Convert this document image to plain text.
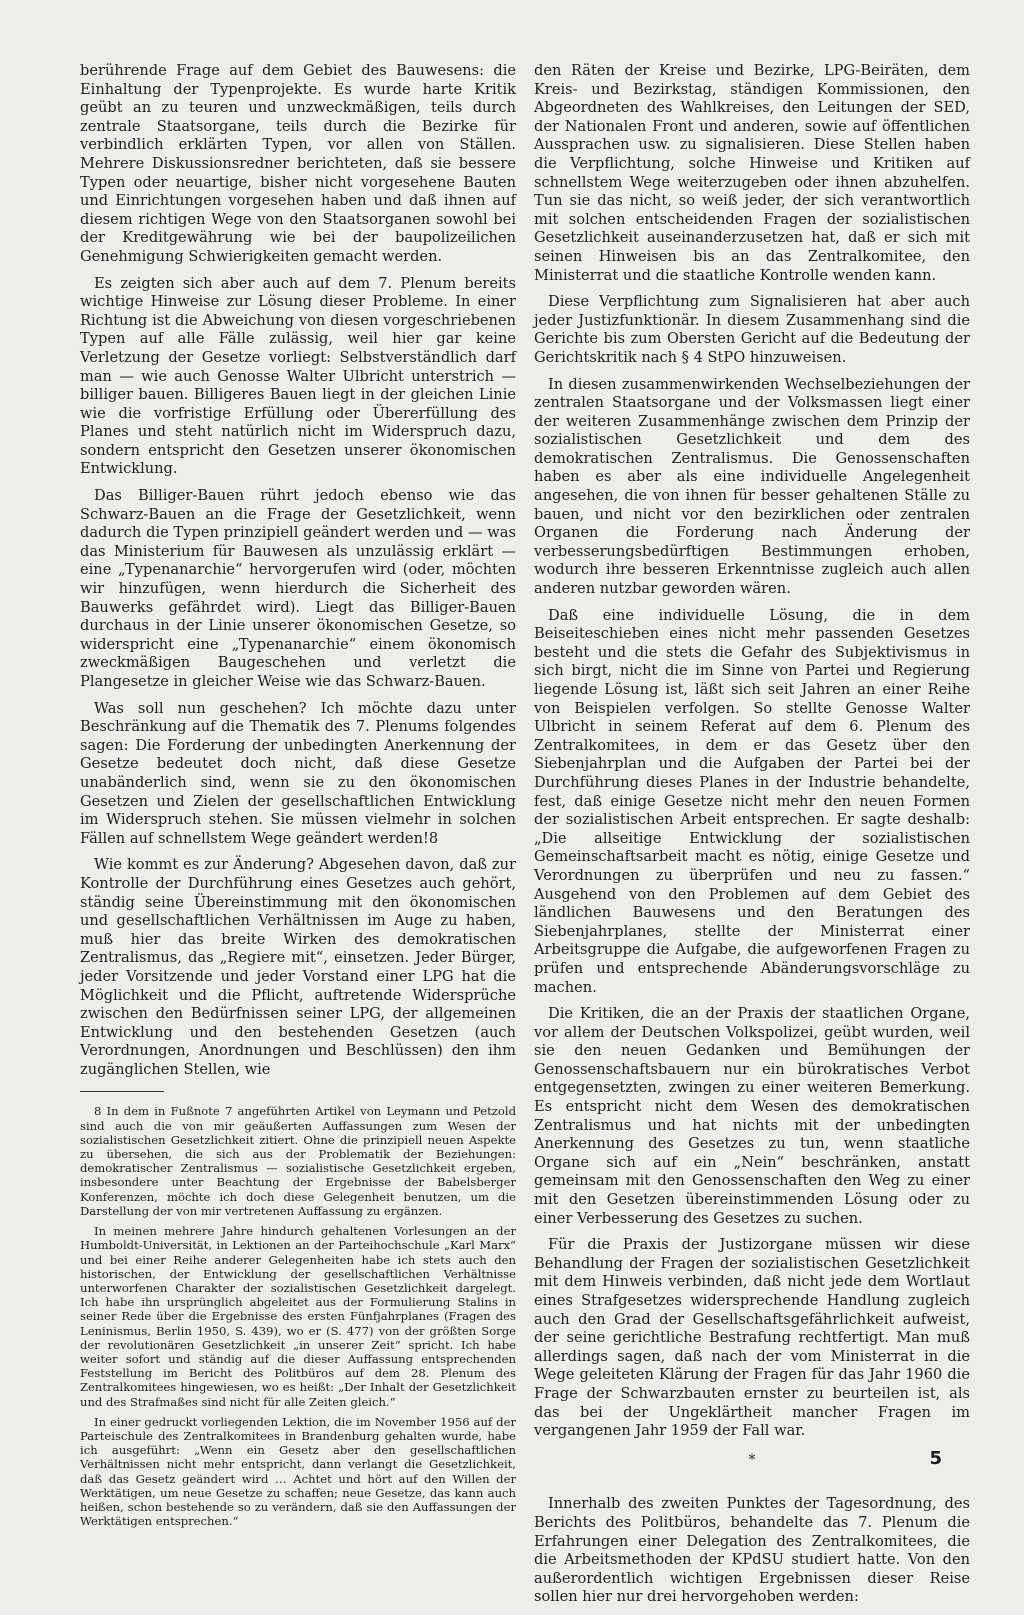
berührende Frage auf dem Gebiet des Bauwesens: die Einhaltung der Typenprojekte. Es wurde harte Kritik geübt an zu teuren und unzweckmäßigen, teils durch zentrale Staatsorgane, teils durch die Bezirke für verbindlich erklärten Typen, vor allen von Ställen. Mehrere Diskussionsredner berichteten, daß sie bessere Typen oder neuartige, bisher nicht vorgesehene Bauten und Einrichtungen vorgesehen haben und daß ihnen auf diesem richtigen Wege von den Staatsorganen sowohl bei der Kreditgewährung wie bei der baupolizeilichen Genehmigung Schwierigkeiten gemacht werden.

Es zeigten sich aber auch auf dem 7. Plenum bereits wichtige Hinweise zur Lösung dieser Probleme. In einer Richtung ist die Abweichung von diesen vorgeschriebenen Typen auf alle Fälle zulässig, weil hier gar keine Verletzung der Gesetze vorliegt: Selbstverständlich darf man — wie auch Genosse Walter Ulbricht unterstrich — billiger bauen. Billigeres Bauen liegt in der gleichen Linie wie die vorfristige Erfüllung oder Übererfüllung des Planes und steht natürlich nicht im Widerspruch dazu, sondern entspricht den Gesetzen unserer ökonomischen Entwicklung.

Das Billiger-Bauen rührt jedoch ebenso wie das Schwarz-Bauen an die Frage der Gesetzlichkeit, wenn dadurch die Typen prinzipiell geändert werden und — was das Ministerium für Bauwesen als unzulässig erklärt — eine „Typenanarchie“ hervorgerufen wird (oder, möchten wir hinzufügen, wenn hierdurch die Sicherheit des Bauwerks gefährdet wird). Liegt das Billiger-Bauen durchaus in der Linie unserer ökonomischen Gesetze, so widerspricht eine „Typenanarchie“ einem ökonomisch zweckmäßigen Baugeschehen und verletzt die Plangesetze in gleicher Weise wie das Schwarz-Bauen.

Was soll nun geschehen? Ich möchte dazu unter Beschränkung auf die Thematik des 7. Plenums folgendes sagen: Die Forderung der unbedingten Anerkennung der Gesetze bedeutet doch nicht, daß diese Gesetze unabänderlich sind, wenn sie zu den ökonomischen Gesetzen und Zielen der gesellschaftlichen Entwicklung im Widerspruch stehen. Sie müssen vielmehr in solchen Fällen auf schnellstem Wege geändert werden!8

Wie kommt es zur Änderung? Abgesehen davon, daß zur Kontrolle der Durchführung eines Gesetzes auch gehört, ständig seine Übereinstimmung mit den ökonomischen und gesellschaftlichen Verhältnissen im Auge zu haben, muß hier das breite Wirken des demokratischen Zentralismus, das „Regiere mit“, einsetzen. Jeder Bürger, jeder Vorsitzende und jeder Vorstand einer LPG hat die Möglichkeit und die Pflicht, auftretende Widersprüche zwischen den Bedürfnissen seiner LPG, der allgemeinen Entwicklung und den bestehenden Gesetzen (auch Verordnungen, Anordnungen und Beschlüssen) den ihm zugänglichen Stellen, wie

8 In dem in Fußnote 7 angeführten Artikel von Leymann und Petzold sind auch die von mir geäußerten Auffassungen zum Wesen der sozialistischen Gesetzlichkeit zitiert. Ohne die prinzipiell neuen Aspekte zu übersehen, die sich aus der Problematik der Beziehungen: demokratischer Zentralismus — sozialistische Gesetzlichkeit ergeben, insbesondere unter Beachtung der Ergebnisse der Babelsberger Konferenzen, möchte ich doch diese Gelegenheit benutzen, um die Darstellung der von mir vertretenen Auffassung zu ergänzen.

In meinen mehrere Jahre hindurch gehaltenen Vorlesungen an der Humboldt-Universität, in Lektionen an der Parteihochschule „Karl Marx“ und bei einer Reihe anderer Gelegenheiten habe ich stets auch den historischen, der Entwicklung der gesellschaftlichen Verhältnisse unterworfenen Charakter der sozialistischen Gesetzlichkeit dargelegt. Ich habe ihn ursprünglich abgeleitet aus der Formulierung Stalins in seiner Rede über die Ergebnisse des ersten Fünfjahrplanes (Fragen des Leninismus, Berlin 1950, S. 439), wo er (S. 477) von der größten Sorge der revolutionären Gesetzlichkeit „in unserer Zeit“ spricht. Ich habe weiter sofort und ständig auf die dieser Auffassung entsprechenden Feststellung im Bericht des Politbüros auf dem 28. Plenum des Zentralkomitees hingewiesen, wo es heißt: „Der Inhalt der Gesetzlichkeit und des Strafmaßes sind nicht für alle Zeiten gleich.“

In einer gedruckt vorliegenden Lektion, die im November 1956 auf der Parteischule des Zentralkomitees in Brandenburg gehalten wurde, habe ich ausgeführt: „Wenn ein Gesetz aber den gesellschaftlichen Verhältnissen nicht mehr entspricht, dann verlangt die Gesetzlichkeit, daß das Gesetz geändert wird … Achtet und hört auf den Willen der Werktätigen, um neue Gesetze zu schaffen; neue Gesetze, das kann auch heißen, schon bestehende so zu verändern, daß sie den Auffassungen der Werktätigen entsprechen.“

den Räten der Kreise und Bezirke, LPG-Beiräten, dem Kreis- und Bezirkstag, ständigen Kommissionen, den Abgeordneten des Wahlkreises, den Leitungen der SED, der Nationalen Front und anderen, sowie auf öffentlichen Aussprachen usw. zu signalisieren. Diese Stellen haben die Verpflichtung, solche Hinweise und Kritiken auf schnellstem Wege weiterzugeben oder ihnen abzuhelfen. Tun sie das nicht, so weiß jeder, der sich verantwortlich mit solchen entscheidenden Fragen der sozialistischen Gesetzlichkeit auseinanderzusetzen hat, daß er sich mit seinen Hinweisen bis an das Zentralkomitee, den Ministerrat und die staatliche Kontrolle wenden kann.

Diese Verpflichtung zum Signalisieren hat aber auch jeder Justizfunktionär. In diesem Zusammenhang sind die Gerichte bis zum Obersten Gericht auf die Bedeutung der Gerichtskritik nach § 4 StPO hinzuweisen.

In diesen zusammenwirkenden Wechselbeziehungen der zentralen Staatsorgane und der Volksmassen liegt einer der weiteren Zusammenhänge zwischen dem Prinzip der sozialistischen Gesetzlichkeit und dem des demokratischen Zentralismus. Die Genossenschaften haben es aber als eine individuelle Angelegenheit angesehen, die von ihnen für besser gehaltenen Ställe zu bauen, und nicht vor den bezirklichen oder zentralen Organen die Forderung nach Änderung der verbesserungsbedürftigen Bestimmungen erhoben, wodurch ihre besseren Erkenntnisse zugleich auch allen anderen nutzbar geworden wären.

Daß eine individuelle Lösung, die in dem Beiseiteschieben eines nicht mehr passenden Gesetzes besteht und die stets die Gefahr des Subjektivismus in sich birgt, nicht die im Sinne von Partei und Regierung liegende Lösung ist, läßt sich seit Jahren an einer Reihe von Beispielen verfolgen. So stellte Genosse Walter Ulbricht in seinem Referat auf dem 6. Plenum des Zentralkomitees, in dem er das Gesetz über den Siebenjahrplan und die Aufgaben der Partei bei der Durchführung dieses Planes in der Industrie behandelte, fest, daß einige Gesetze nicht mehr den neuen Formen der sozialistischen Arbeit entsprechen. Er sagte deshalb: „Die allseitige Entwicklung der sozialistischen Gemeinschaftsarbeit macht es nötig, einige Gesetze und Verordnungen zu überprüfen und neu zu fassen.“ Ausgehend von den Problemen auf dem Gebiet des ländlichen Bauwesens und den Beratungen des Siebenjahrplanes, stellte der Ministerrat einer Arbeitsgruppe die Aufgabe, die aufgeworfenen Fragen zu prüfen und entsprechende Abänderungsvorschläge zu machen.

Die Kritiken, die an der Praxis der staatlichen Organe, vor allem der Deutschen Volkspolizei, geübt wurden, weil sie den neuen Gedanken und Bemühungen der Genossenschaftsbauern nur ein bürokratisches Verbot entgegensetzten, zwingen zu einer weiteren Bemerkung. Es entspricht nicht dem Wesen des demokratischen Zentralismus und hat nichts mit der unbedingten Anerkennung des Gesetzes zu tun, wenn staatliche Organe sich auf ein „Nein“ beschränken, anstatt gemeinsam mit den Genossenschaften den Weg zu einer mit den Gesetzen übereinstimmenden Lösung oder zu einer Verbesserung des Gesetzes zu suchen.

Für die Praxis der Justizorgane müssen wir diese Behandlung der Fragen der sozialistischen Gesetzlichkeit mit dem Hinweis verbinden, daß nicht jede dem Wortlaut eines Strafgesetzes widersprechende Handlung zugleich auch den Grad der Gesellschaftsgefährlichkeit aufweist, der seine gerichtliche Bestrafung rechtfertigt. Man muß allerdings sagen, daß nach der vom Ministerrat in die Wege geleiteten Klärung der Fragen für das Jahr 1960 die Frage der Schwarzbauten ernster zu beurteilen ist, als das bei der Ungeklärtheit mancher Fragen im vergangenen Jahr 1959 der Fall war.

*

Innerhalb des zweiten Punktes der Tagesordnung, des Berichts des Politbüros, behandelte das 7. Plenum die Erfahrungen einer Delegation des Zentralkomitees, die die Arbeitsmethoden der KPdSU studiert hatte. Von den außerordentlich wichtigen Ergebnissen dieser Reise sollen hier nur drei hervorgehoben werden:

5
